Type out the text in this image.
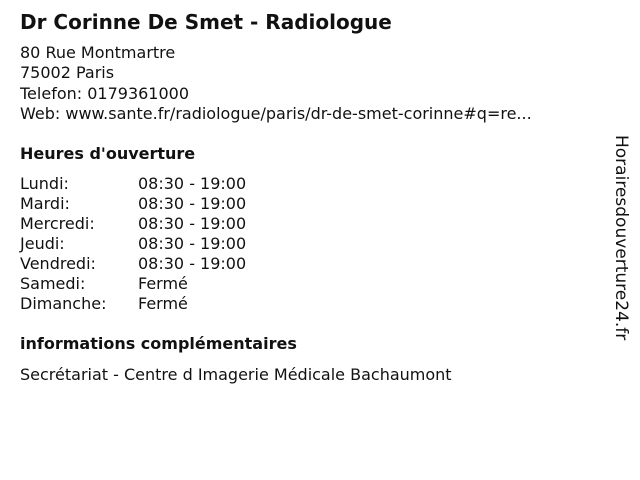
Dr Corinne De Smet - Radiologue
80 Rue Montmartre
75002 Paris
Telefon: 0179361000
Web: www.sante.fr/radiologue/paris/dr-de-smet-corinne#q=re...
Heures d'ouverture
Lundi:	08:30 - 19:00
Mardi:	08:30 - 19:00
Mercredi:	08:30 - 19:00
Jeudi:	08:30 - 19:00
Vendredi:	08:30 - 19:00
Samedi:	Fermé
Dimanche:	Fermé
informations complémentaires
Secrétariat - Centre d Imagerie Médicale Bachaumont
Horairesdouverture24.fr
